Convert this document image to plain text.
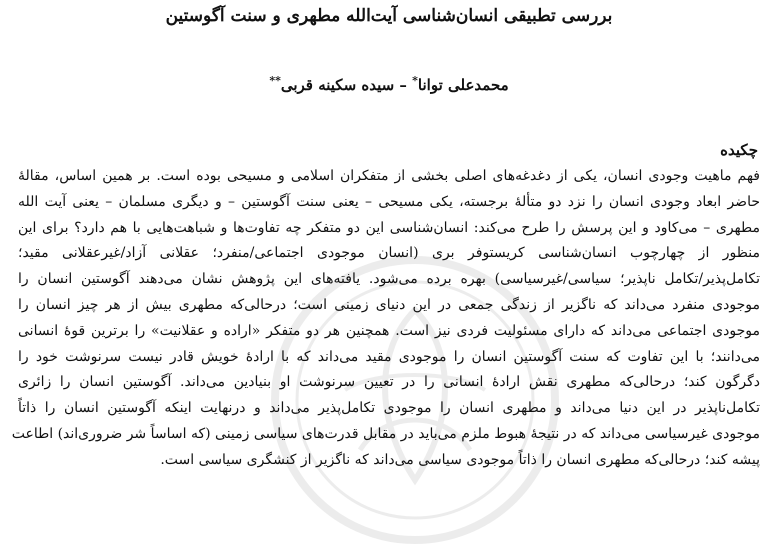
بررسی تطبیقی انسان‌شناسی آیت‌الله مطهری و سنت آگوستین
محمدعلی توانا* – سیده سکینه قربی**
چکیده
فهم ماهیت وجودی انسان، یکی از دغدغه‌های اصلی بخشی از متفکران اسلامی و مسیحی بوده است. بر همین اساس، مقالهٔ
حاضر ابعاد وجودی انسان را نزد دو متألهٔ برجسته، یکی مسیحی – یعنی سنت آگوستین – و دیگری مسلمان – یعنی آیت الله
مطهری – می‌کاود و این پرسش را طرح می‌کند: انسان‌شناسی این دو متفکر چه تفاوت‌ها و شباهت‌هایی با هم دارد؟ برای این
منظور از چهارچوب انسان‌شناسی کریستوفر بری (انسان موجودی اجتماعی/منفرد؛ عقلانی آزاد/غیرعقلانی مقید؛
تکامل‌پذیر/تکامل ناپذیر؛ سیاسی/غیرسیاسی) بهره برده می‌شود. یافته‌های این پژوهش نشان می‌دهند آگوستین انسان را
موجودی منفرد می‌داند که ناگزیر از زندگی جمعی در این دنیای زمینی است؛ درحالی‌که مطهری بیش از هر چیز انسان را
موجودی اجتماعی می‌داند که دارای مسئولیت فردی نیز است. همچنین هر دو متفکر «اراده و عقلانیت» را برترین قوهٔ انسانی
می‌دانند؛ با این تفاوت که سنت آگوستین انسان را موجودی مقید می‌داند که با ارادهٔ خویش قادر نیست سرنوشت خود را
دگرگون کند؛ درحالی‌که مطهری نقش ارادهٔ انسانی را در تعیین سرنوشت او بنیادین می‌داند. آگوستین انسان را زائری
تکامل‌ناپذیر در این دنیا می‌داند و مطهری انسان را موجودی تکامل‌پذیر می‌داند و درنهایت اینکه آگوستین انسان را ذاتاً
موجودی غیرسیاسی می‌داند که در نتیجهٔ هبوط ملزم می‌باید در مقابل قدرت‌های سیاسی زمینی (که اساساً شر ضروری‌اند) اطاعت
پیشه کند؛ درحالی‌که مطهری انسان را ذاتاً موجودی سیاسی می‌داند که ناگزیر از کنشگری سیاسی است.
